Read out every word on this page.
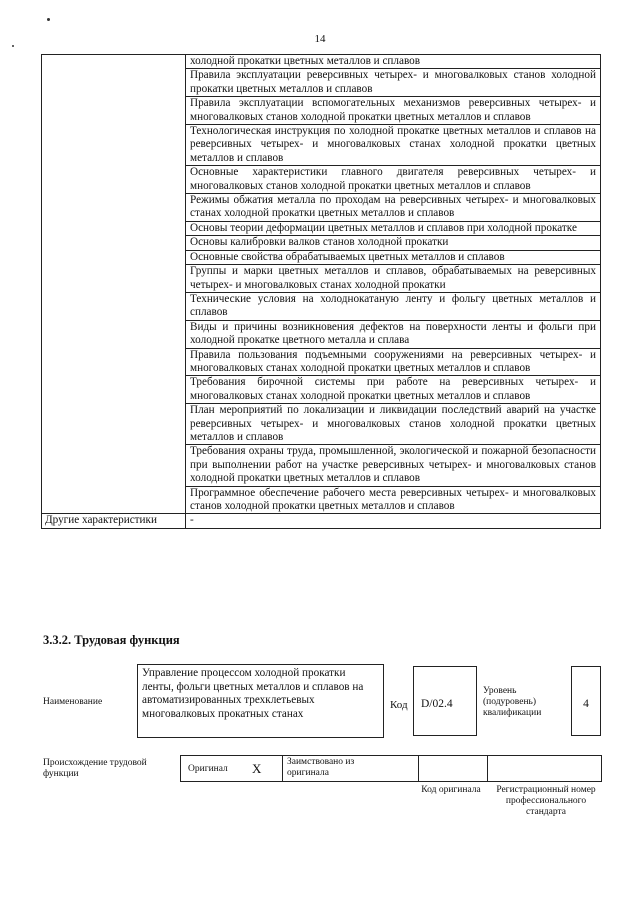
14
	холодной прокатки цветных металлов и сплавов
	Правила эксплуатации реверсивных четырех- и многовалковых станов холодной прокатки цветных металлов и сплавов
	Правила эксплуатации вспомогательных механизмов реверсивных четырех- и многовалковых станов холодной прокатки цветных металлов и сплавов
	Технологическая инструкция по холодной прокатке цветных металлов и сплавов на реверсивных четырех- и многовалковых станах холодной прокатки цветных металлов и сплавов
	Основные характеристики главного двигателя реверсивных четырех- и многовалковых станов холодной прокатки цветных металлов и сплавов
	Режимы обжатия металла по проходам на реверсивных четырех- и многовалковых станах холодной прокатки цветных металлов и сплавов
	Основы теории деформации цветных металлов и сплавов при холодной прокатке
	Основы калибровки валков станов холодной прокатки
	Основные свойства обрабатываемых цветных металлов и сплавов
	Группы и марки цветных металлов и сплавов, обрабатываемых на реверсивных четырех- и многовалковых станах холодной прокатки
	Технические условия на холоднокатаную ленту и фольгу цветных металлов и сплавов
	Виды и причины возникновения дефектов на поверхности ленты и фольги при холодной прокатке цветного металла и сплава
	Правила пользования подъемными сооружениями на реверсивных четырех- и многовалковых станах холодной прокатки цветных металлов и сплавов
	Требования бирочной системы при работе на реверсивных четырех- и многовалковых станах холодной прокатки цветных металлов и сплавов
	План мероприятий по локализации и ликвидации последствий аварий на участке реверсивных четырех- и многовалковых станов холодной прокатки цветных металлов и сплавов
	Требования охраны труда, промышленной, экологической и пожарной безопасности при выполнении работ на участке реверсивных четырех- и многовалковых станов холодной прокатки цветных металлов и сплавов
	Программное обеспечение рабочего места реверсивных четырех- и многовалковых станов холодной прокатки цветных металлов и сплавов
Другие характеристики	-
3.3.2. Трудовая функция
Наименование
Управление процессом холодной прокатки ленты, фольги цветных металлов и сплавов на автоматизированных трехклетьевых многовалковых прокатных станах
Код D/02.4
Уровень (подуровень) квалификации
4
Происхождение трудовой функции	Оригинал X	Заимствовано из оригинала
Код оригинала	Регистрационный номер профессионального стандарта
